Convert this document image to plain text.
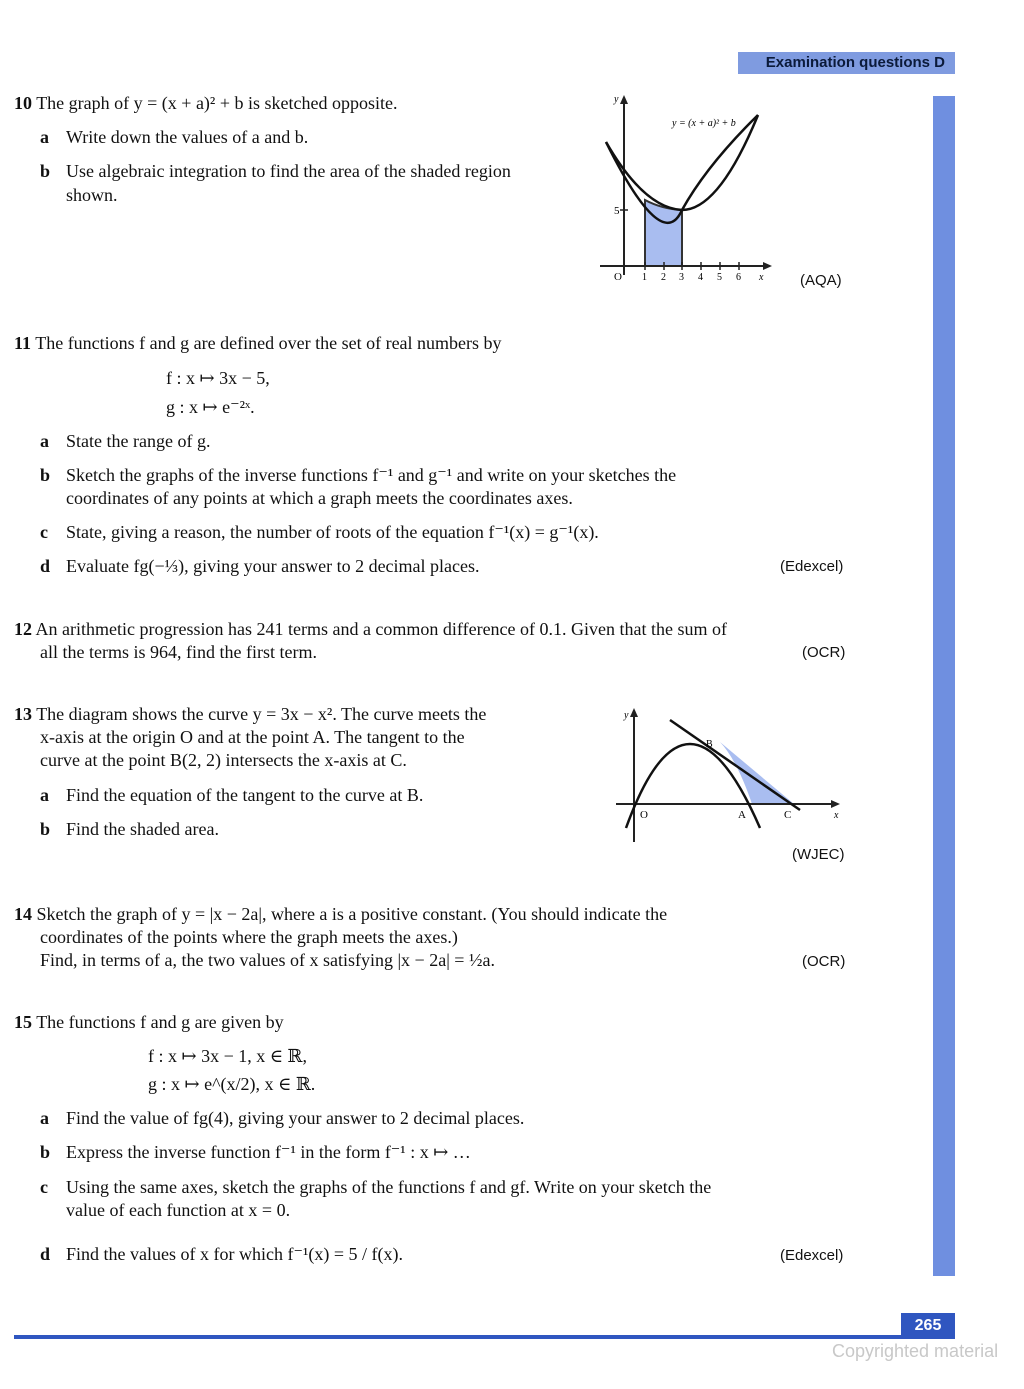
Examination questions D
10 The graph of y = (x + a)² + b is sketched opposite.
a Write down the values of a and b.
b Use algebraic integration to find the area of the shaded region
shown.
y
y = (x + a)² + b
5
O 1 2 3 4 5 6 x (AQA)
11 The functions f and g are defined over the set of real numbers by
f : x ↦ 3x − 5,
g : x ↦ e⁻²ˣ.
a State the range of g.
b Sketch the graphs of the inverse functions f⁻¹ and g⁻¹ and write on your sketches the
coordinates of any points at which a graph meets the coordinates axes.
c State, giving a reason, the number of roots of the equation f⁻¹(x) = g⁻¹(x).
d Evaluate fg(−⅓), giving your answer to 2 decimal places.	(Edexcel)
12 An arithmetic progression has 241 terms and a common difference of 0.1. Given that the sum of
all the terms is 964, find the first term.	(OCR)
13 The diagram shows the curve y = 3x − x². The curve meets the
x-axis at the origin O and at the point A. The tangent to the
curve at the point B(2, 2) intersects the x-axis at C.
a Find the equation of the tangent to the curve at B.
b Find the shaded area.
y
O	A
B
C	x
(WJEC)
14 Sketch the graph of y = |x − 2a|, where a is a positive constant. (You should indicate the
coordinates of the points where the graph meets the axes.)
Find, in terms of a, the two values of x satisfying |x − 2a| = ½a.	(OCR)
15 The functions f and g are given by
f : x ↦ 3x − 1, x ∈ ℝ,
g : x ↦ e^(x/2), x ∈ ℝ.
a Find the value of fg(4), giving your answer to 2 decimal places.
b Express the inverse function f⁻¹ in the form f⁻¹ : x ↦ …
c Using the same axes, sketch the graphs of the functions f and gf. Write on your sketch the
value of each function at x = 0.
d Find the values of x for which f⁻¹(x) = 5 / f(x).	(Edexcel)
265
Copyrighted material
